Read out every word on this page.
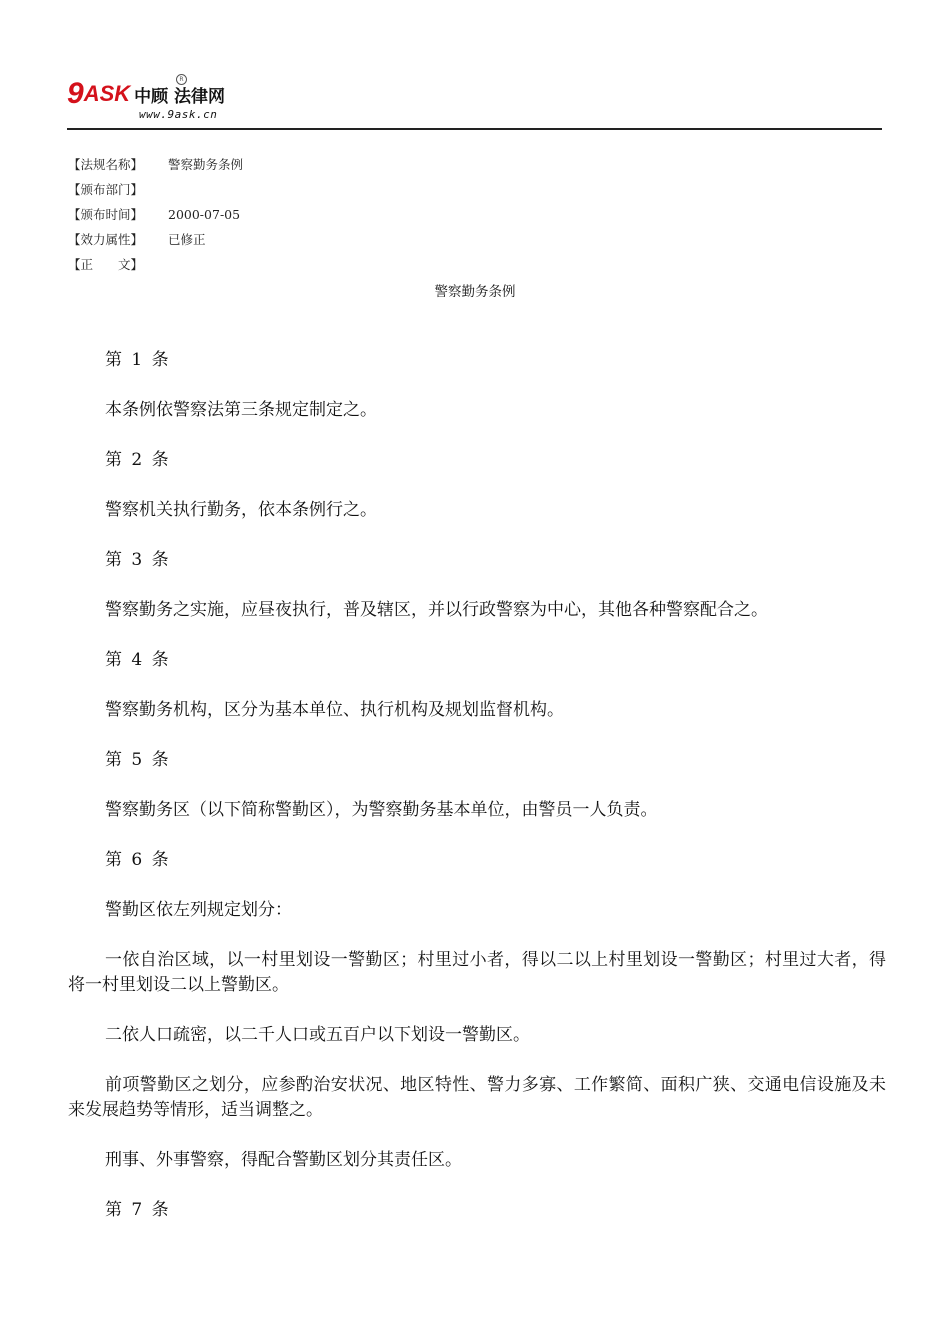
9 ASK 中顾 法律网
R
www.9ask.cn
【法规名称】	警察勤务条例
【颁布部门】
【颁布时间】	2000-07-05
【效力属性】	已修正
【正　　文】
警察勤务条例

第 1 条

本条例依警察法第三条规定制定之。

第 2 条

警察机关执行勤务，依本条例行之。

第 3 条

警察勤务之实施，应昼夜执行，普及辖区，并以行政警察为中心，其他各种警察配合之。

第 4 条

警察勤务机构，区分为基本单位、执行机构及规划监督机构。

第 5 条

警察勤务区（以下简称警勤区），为警察勤务基本单位，由警员一人负责。

第 6 条

警勤区依左列规定划分：

一依自治区域，以一村里划设一警勤区；村里过小者，得以二以上村里划设一警勤区；村里过大者，得将一村里划设二以上警勤区。

二依人口疏密，以二千人口或五百户以下划设一警勤区。

前项警勤区之划分，应参酌治安状况、地区特性、警力多寡、工作繁简、面积广狭、交通电信设施及未来发展趋势等情形，适当调整之。

刑事、外事警察，得配合警勤区划分其责任区。

第 7 条
